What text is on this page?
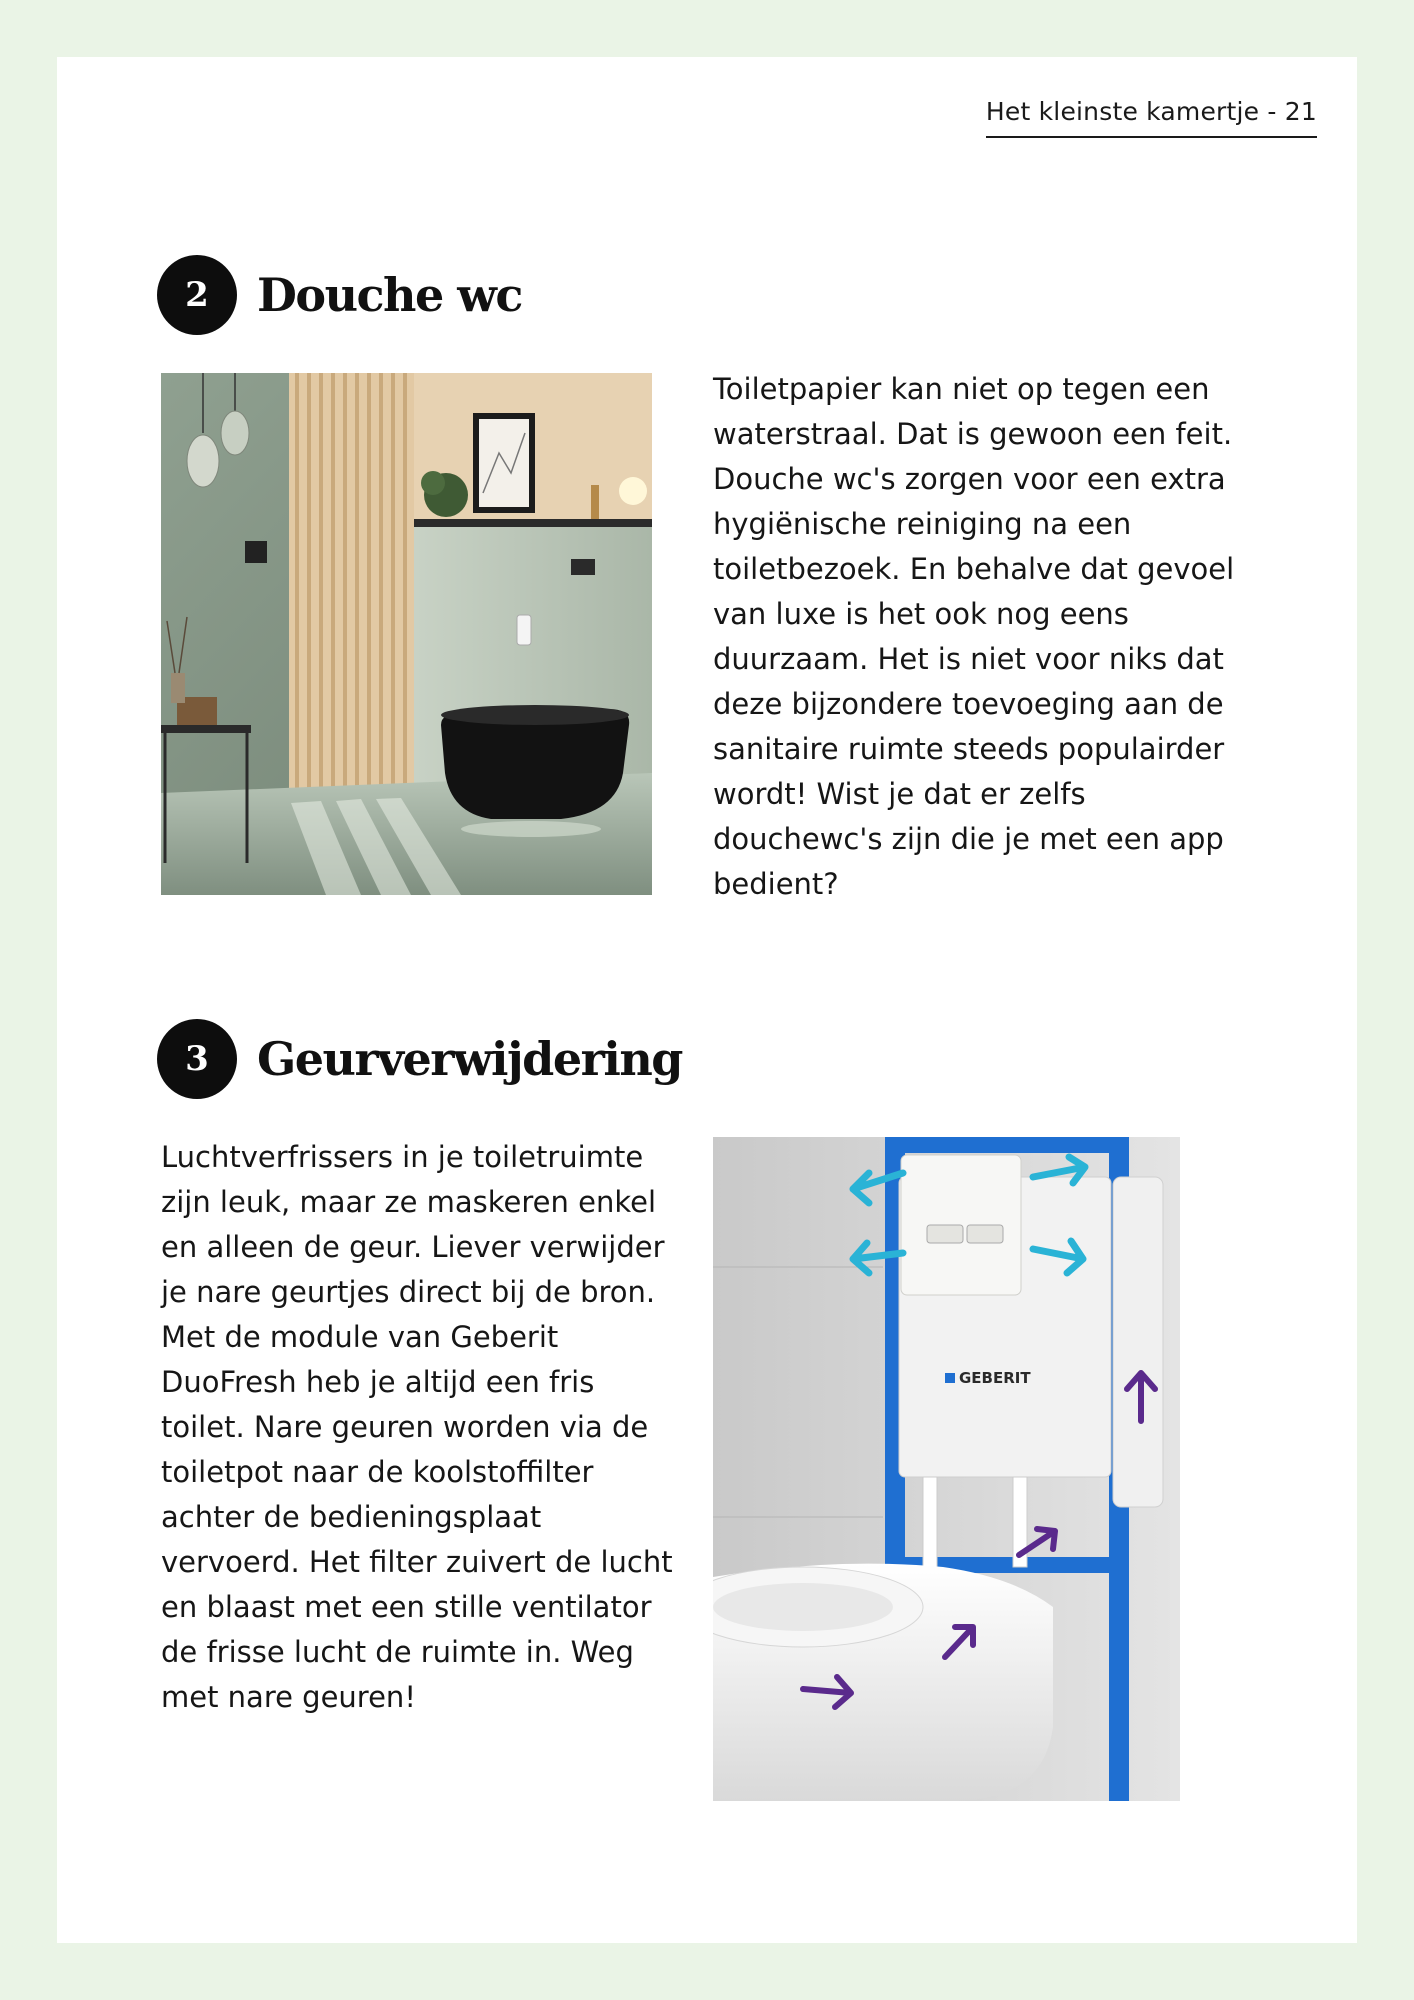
Het kleinste kamertje - 21
2	Douche wc

Toiletpapier kan niet op tegen een waterstraal. Dat is gewoon een feit. Douche wc's zorgen voor een extra hygiënische reiniging na een toiletbezoek. En behalve dat gevoel van luxe is het ook nog eens duurzaam. Het is niet voor niks dat deze bijzondere toevoeging aan de sanitaire ruimte steeds populairder wordt! Wist je dat er zelfs douchewc's zijn die je met een app bedient?

3	Geurverwijdering

Luchtverfrissers in je toiletruimte zijn leuk, maar ze maskeren enkel en alleen de geur. Liever verwijder je nare geurtjes direct bij de bron. Met de module van Geberit DuoFresh heb je altijd een fris toilet. Nare geuren worden via de toiletpot naar de koolstoffilter achter de bedieningsplaat vervoerd. Het filter zuivert de lucht en blaast met een stille ventilator de frisse lucht de ruimte in. Weg met nare geuren!

GEBERIT
